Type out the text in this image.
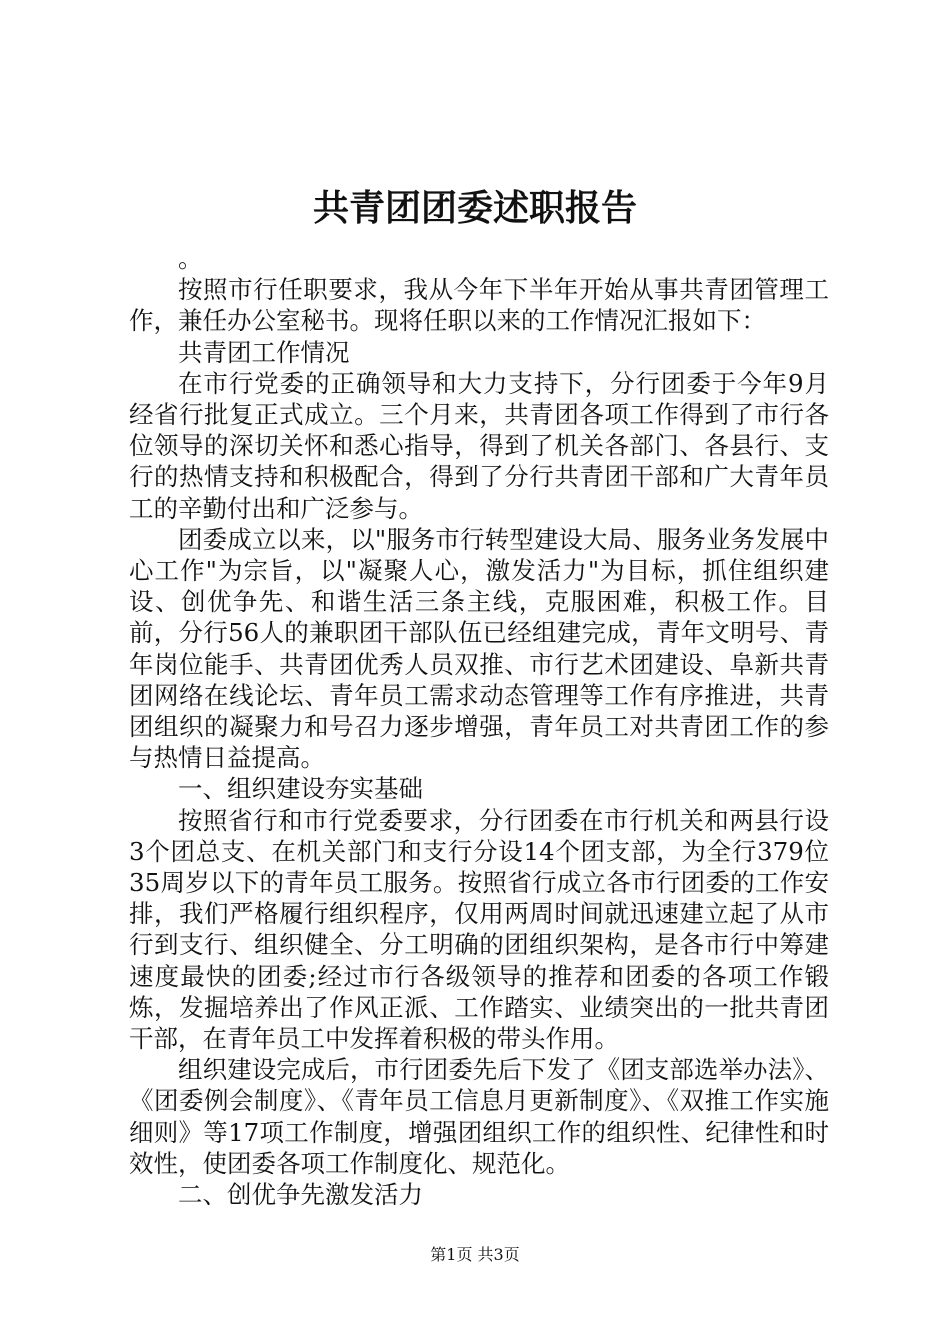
共青团团委述职报告

。

按照市行任职要求，我从今年下半年开始从事共青团管理工作，兼任办公室秘书。现将任职以来的工作情况汇报如下：

共青团工作情况

在市行党委的正确领导和大力支持下，分行团委于今年9月经省行批复正式成立。三个月来，共青团各项工作得到了市行各位领导的深切关怀和悉心指导，得到了机关各部门、各县行、支行的热情支持和积极配合，得到了分行共青团干部和广大青年员工的辛勤付出和广泛参与。

团委成立以来，以"服务市行转型建设大局、服务业务发展中心工作"为宗旨，以"凝聚人心，激发活力"为目标，抓住组织建设、创优争先、和谐生活三条主线，克服困难，积极工作。目前，分行56人的兼职团干部队伍已经组建完成，青年文明号、青年岗位能手、共青团优秀人员双推、市行艺术团建设、阜新共青团网络在线论坛、青年员工需求动态管理等工作有序推进，共青团组织的凝聚力和号召力逐步增强，青年员工对共青团工作的参与热情日益提高。

一、组织建设夯实基础

按照省行和市行党委要求，分行团委在市行机关和两县行设3个团总支、在机关部门和支行分设14个团支部，为全行379位35周岁以下的青年员工服务。按照省行成立各市行团委的工作安排，我们严格履行组织程序，仅用两周时间就迅速建立起了从市行到支行、组织健全、分工明确的团组织架构，是各市行中筹建速度最快的团委;经过市行各级领导的推荐和团委的各项工作锻炼，发掘培养出了作风正派、工作踏实、业绩突出的一批共青团干部，在青年员工中发挥着积极的带头作用。

组织建设完成后，市行团委先后下发了《团支部选举办法》、《团委例会制度》、《青年员工信息月更新制度》、《双推工作实施细则》等17项工作制度，增强团组织工作的组织性、纪律性和时效性，使团委各项工作制度化、规范化。

二、创优争先激发活力

第1页 共3页
